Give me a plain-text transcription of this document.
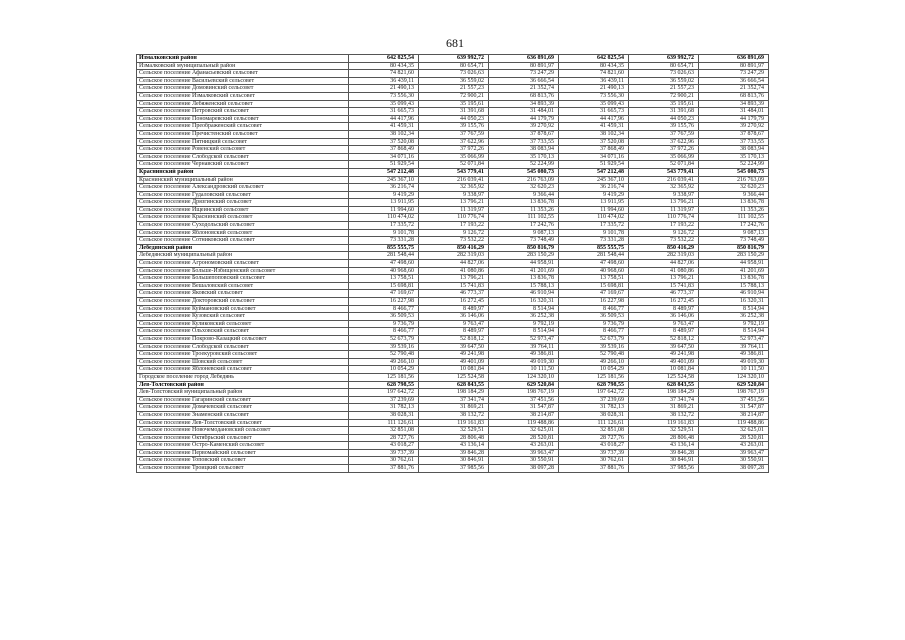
681
Измалковский район	642 825,54	639 992,72	636 891,69	642 825,54	639 992,72	636 891,69
Измалковский муниципальный район	80 434,35	80 654,71	80 891,97	80 434,35	80 654,71	80 891,97
Сельское поселение Афанасьевский сельсовет	74 821,60	73 026,63	73 247,29	74 821,60	73 026,63	73 247,29
Сельское поселение Васильевский сельсовет	36 439,11	36 559,02	36 666,54	36 439,11	36 559,02	36 666,54
Сельское поселение Домовинский сельсовет	21 490,13	21 557,23	21 352,74	21 490,13	21 557,23	21 352,74
Сельское поселение Измалковский сельсовет	73 556,30	72 900,21	68 813,76	73 556,30	72 900,21	68 813,76
Сельское поселение Лебяженский сельсовет	35 099,43	35 195,61	34 893,39	35 099,43	35 195,61	34 893,39
Сельское поселение Петровский сельсовет	31 665,73	31 391,68	31 484,01	31 665,73	31 391,68	31 484,01
Сельское поселение Пономаревский сельсовет	44 417,96	44 050,23	44 179,79	44 417,96	44 050,23	44 179,79
Сельское поселение Преображенский сельсовет	41 459,31	39 155,76	39 270,92	41 459,31	39 155,76	39 270,92
Сельское поселение Пречистенский сельсовет	38 102,34	37 767,59	37 878,67	38 102,34	37 767,59	37 878,67
Сельское поселение Пятницкий сельсовет	37 520,08	37 622,96	37 733,55	37 520,08	37 622,96	37 733,55
Сельское поселение Ровенский сельсовет	37 868,49	37 972,26	38 083,94	37 868,49	37 972,26	38 083,94
Сельское поселение Слободской сельсовет	34 071,16	35 066,99	35 170,13	34 071,16	35 066,99	35 170,13
Сельское поселение Чернавский сельсовет	51 929,54	52 071,84	52 224,99	51 929,54	52 071,84	52 224,99
Краснинский район	547 212,48	543 779,41	545 080,73	547 212,48	543 779,41	545 080,73
Краснинский муниципальный район	245 367,10	216 039,41	216 763,09	245 367,10	216 039,41	216 763,09
Сельское поселение Александровский сельсовет	36 216,74	32 365,92	32 620,23	36 216,74	32 365,92	32 620,23
Сельское поселение Гудаловский сельсовет	9 419,29	9 338,97	9 366,44	9 419,29	9 338,97	9 366,44
Сельское поселение Дрязгинский сельсовет	13 911,95	13 796,21	13 836,78	13 911,95	13 796,21	13 836,78
Сельское поселение Ищеинский сельсовет	11 994,60	11 319,97	11 353,26	11 994,60	11 319,97	11 353,26
Сельское поселение Краснинский сельсовет	110 474,02	110 776,74	111 102,55	110 474,02	110 776,74	111 102,55
Сельское поселение Суходольский сельсовет	17 335,72	17 193,22	17 242,76	17 335,72	17 193,22	17 242,76
Сельское поселение Яблоновский сельсовет	9 101,78	9 126,72	9 087,13	9 101,78	9 126,72	9 087,13
Сельское поселение Сотниковский сельсовет	73 331,28	73 532,22	73 748,49	73 331,28	73 532,22	73 748,49
Лебедянский район	855 555,75	850 416,29	850 816,79	855 555,75	850 416,29	850 816,79
Лебедянский муниципальный район	281 548,44	282 319,03	283 150,29	281 548,44	282 319,03	283 150,29
Сельское поселение Агрономовский сельсовет	47 498,60	44 827,06	44 958,91	47 498,60	44 827,06	44 958,91
Сельское поселение Больше-Избищенский сельсовет	40 968,60	41 080,86	41 201,69	40 968,60	41 080,86	41 201,69
Сельское поселение Большепоповский сельсовет	13 758,51	13 796,21	13 836,78	13 758,51	13 796,21	13 836,78
Сельское поселение Вешаловский сельсовет	15 698,81	15 741,83	15 788,13	15 698,81	15 741,83	15 788,13
Сельское поселение Яковский сельсовет	47 169,67	46 773,37	46 910,94	47 169,67	46 773,37	46 910,94
Сельское поселение Докторовский сельсовет	16 227,98	16 272,45	16 320,31	16 227,98	16 272,45	16 320,31
Сельское поселение Куймановский сельсовет	8 466,77	8 489,97	8 514,94	8 466,77	8 489,97	8 514,94
Сельское поселение Кузовский сельсовет	36 509,53	36 146,06	36 252,38	36 509,53	36 146,06	36 252,38
Сельское поселение Куликовский сельсовет	9 736,79	9 763,47	9 792,19	9 736,79	9 763,47	9 792,19
Сельское поселение Ольховский сельсовет	8 466,77	8 489,97	8 514,94	8 466,77	8 489,97	8 514,94
Сельское поселение Покрово-Казацкий сельсовет	52 673,79	52 818,12	52 973,47	52 673,79	52 818,12	52 973,47
Сельское поселение Слободской сельсовет	39 539,16	39 647,50	39 764,11	39 539,16	39 647,50	39 764,11
Сельское поселение Троекуровский сельсовет	52 790,48	49 241,98	49 386,81	52 790,48	49 241,98	49 386,81
Сельское поселение Шовский сельсовет	49 266,10	49 401,09	49 019,30	49 266,10	49 401,09	49 019,30
Сельское поселение Яблоневский сельсовет	10 054,29	10 081,84	10 111,50	10 054,29	10 081,84	10 111,50
Городское поселение город Лебедянь	125 181,56	125 524,58	124 320,10	125 181,56	125 524,58	124 320,10
Лев-Толстовский район	628 798,55	628 843,55	629 520,84	628 798,55	628 843,55	629 520,84
Лев-Толстовский муниципальный район	197 642,72	198 184,29	198 767,19	197 642,72	198 184,29	198 767,19
Сельское поселение Гагаринский сельсовет	37 239,69	37 341,74	37 451,56	37 239,69	37 341,74	37 451,56
Сельское поселение Домачевский сельсовет	31 782,13	31 869,21	31 547,87	31 782,13	31 869,21	31 547,87
Сельское поселение Знаменский сельсовет	38 028,31	38 132,72	38 214,87	38 028,31	38 132,72	38 214,87
Сельское поселение Лев-Толстовский сельсовет	111 126,61	119 161,83	119 488,86	111 126,61	119 161,83	119 488,86
Сельское поселение Новочемодановский сельсовет	32 851,08	32 529,51	32 625,01	32 851,08	32 529,51	32 625,01
Сельское поселение Октябрьский сельсовет	28 727,76	28 806,48	28 520,81	28 727,76	28 806,48	28 520,81
Сельское поселение Остро-Каменский сельсовет	43 018,27	43 136,14	43 263,01	43 018,27	43 136,14	43 263,01
Сельское поселение Первомайский сельсовет	39 737,39	39 846,28	39 963,47	39 737,39	39 846,28	39 963,47
Сельское поселение Топовский сельсовет	30 762,61	30 846,91	30 550,91	30 762,61	30 846,91	30 550,91
Сельское поселение Троицкий сельсовет	37 881,76	37 985,56	38 097,28	37 881,76	37 985,56	38 097,28
